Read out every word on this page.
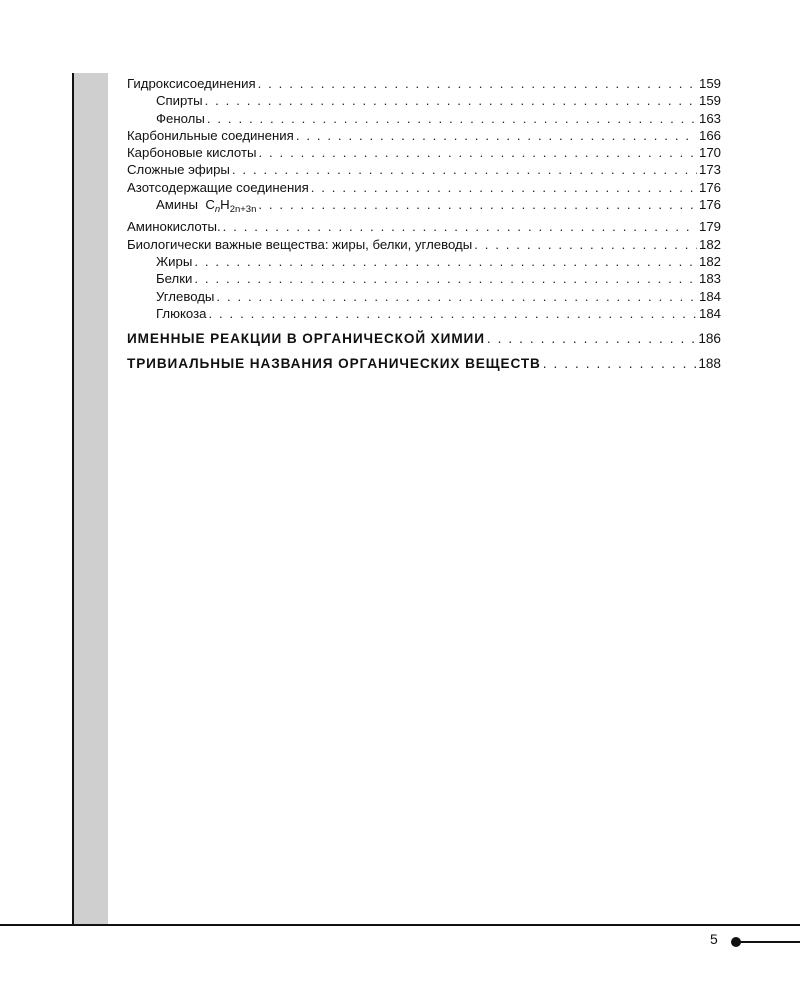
Гидроксисоединения . . .	159
Спирты . . .	159
Фенолы . . .	163
Карбонильные соединения . . .	166
Карбоновые кислоты . . .	170
Сложные эфиры . . .	173
Азотсодержащие соединения . . .	176
Амины $C_nH_{2n+3n}$ . . .	176
Аминокислоты. . . .	179
Биологически важные вещества: жиры, белки, углеводы . . .	182
Жиры . . .	182
Белки . . .	183
Углеводы . . .	184
Глюкоза . . .	184
ИМЕННЫЕ РЕАКЦИИ В ОРГАНИЧЕСКОЙ ХИМИИ . . .	186
ТРИВИАЛЬНЫЕ НАЗВАНИЯ ОРГАНИЧЕСКИХ ВЕЩЕСТВ . . .	188
5
